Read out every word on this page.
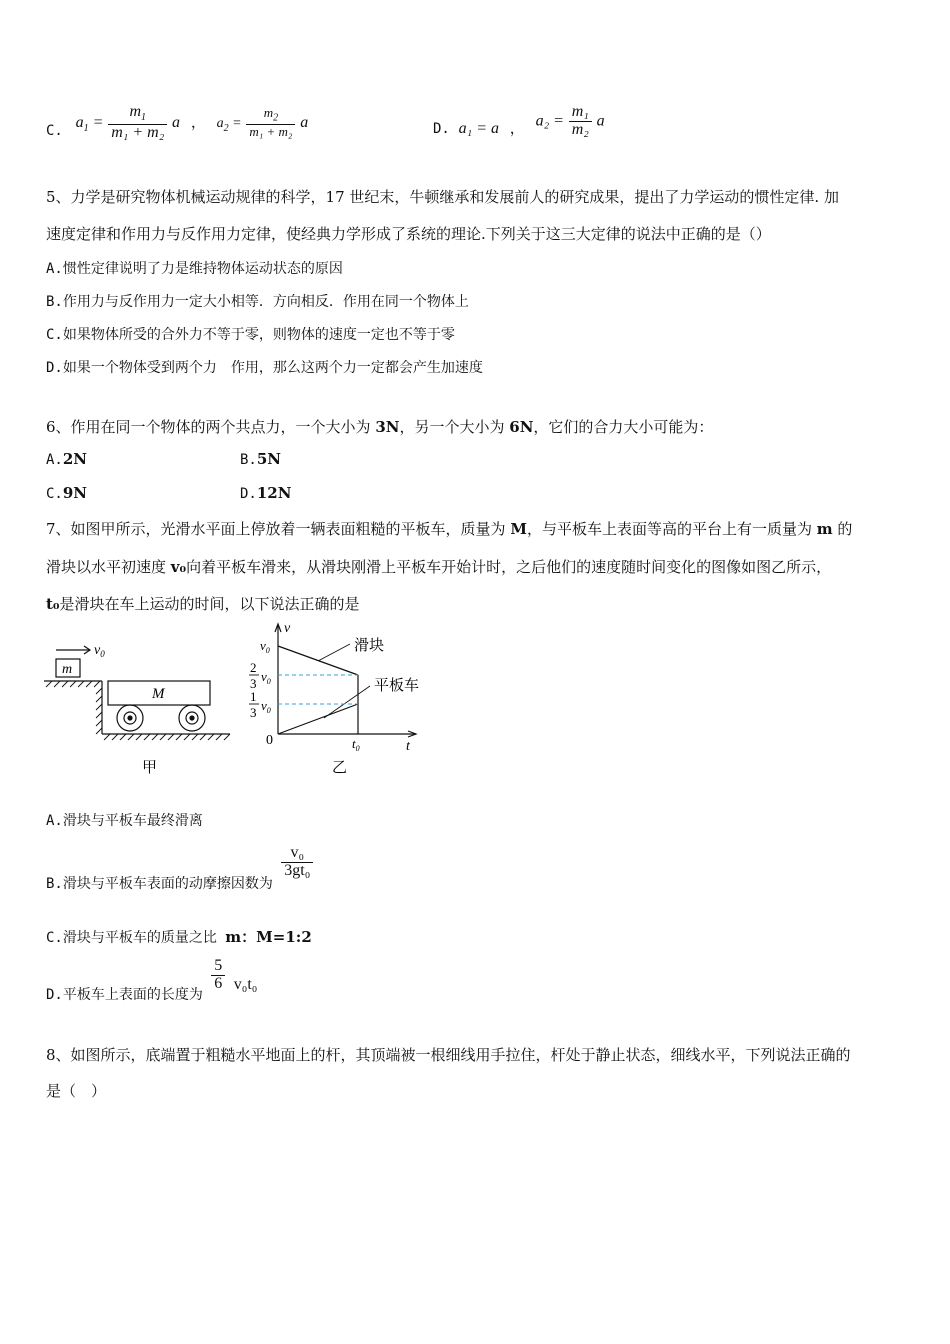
C. $a_1 = \frac{m_1}{\text{m₁ + m₂}}$ a ， $a_2 = \frac{m_2}{\text{m₁ + m₂}}$ a	D. a₁ = a ， $a_2 = \frac{\text{m₁}}{\text{m₂}}$ a
5、力学是研究物体机械运动规律的科学，17 世纪末，牛顿继承和发展前人的研究成果，提出了力学运动的惯性定律. 加
速度定律和作用力与反作用力定律，使经典力学形成了系统的理论.下列关于这三大定律的说法中正确的是（）
A.惯性定律说明了力是维持物体运动状态的原因
B.作用力与反作用力一定大小相等．方向相反．作用在同一个物体上
C.如果物体所受的合外力不等于零，则物体的速度一定也不等于零
D.如果一个物体受到两个力　作用，那么这两个力一定都会产生加速度
6、作用在同一个物体的两个共点力，一个大小为 3N，另一个大小为 6N，它们的合力大小可能为：
A.2N	B.5N
C.9N	D.12N
7、如图甲所示，光滑水平面上停放着一辆表面粗糙的平板车，质量为 M，与平板车上表面等高的平台上有一质量为 m 的
滑块以水平初速度 v₀向着平板车滑来，从滑块刚滑上平板车开始计时，之后他们的速度随时间变化的图像如图乙所示，
t₀是滑块在车上运动的时间，以下说法正确的是
$v_0$
m
M
甲
v
t
0	$t_0$
$v_0$
2
3 $v_0$
1
3 $v_0$
滑块
平板车
乙
A.滑块与平板车最终滑离
B.滑块与平板车表面的动摩擦因数为
$\frac{\text{v₀}}{\text{3gt₀}}$
C.滑块与平板车的质量之比 m：M=1:2
D.平板车上表面的长度为
$\frac{5}{6} v_0t_0$
8、如图所示，底端置于粗糙水平地面上的杆，其顶端被一根细线用手拉住，杆处于静止状态，细线水平，下列说法正确的
是（　）
